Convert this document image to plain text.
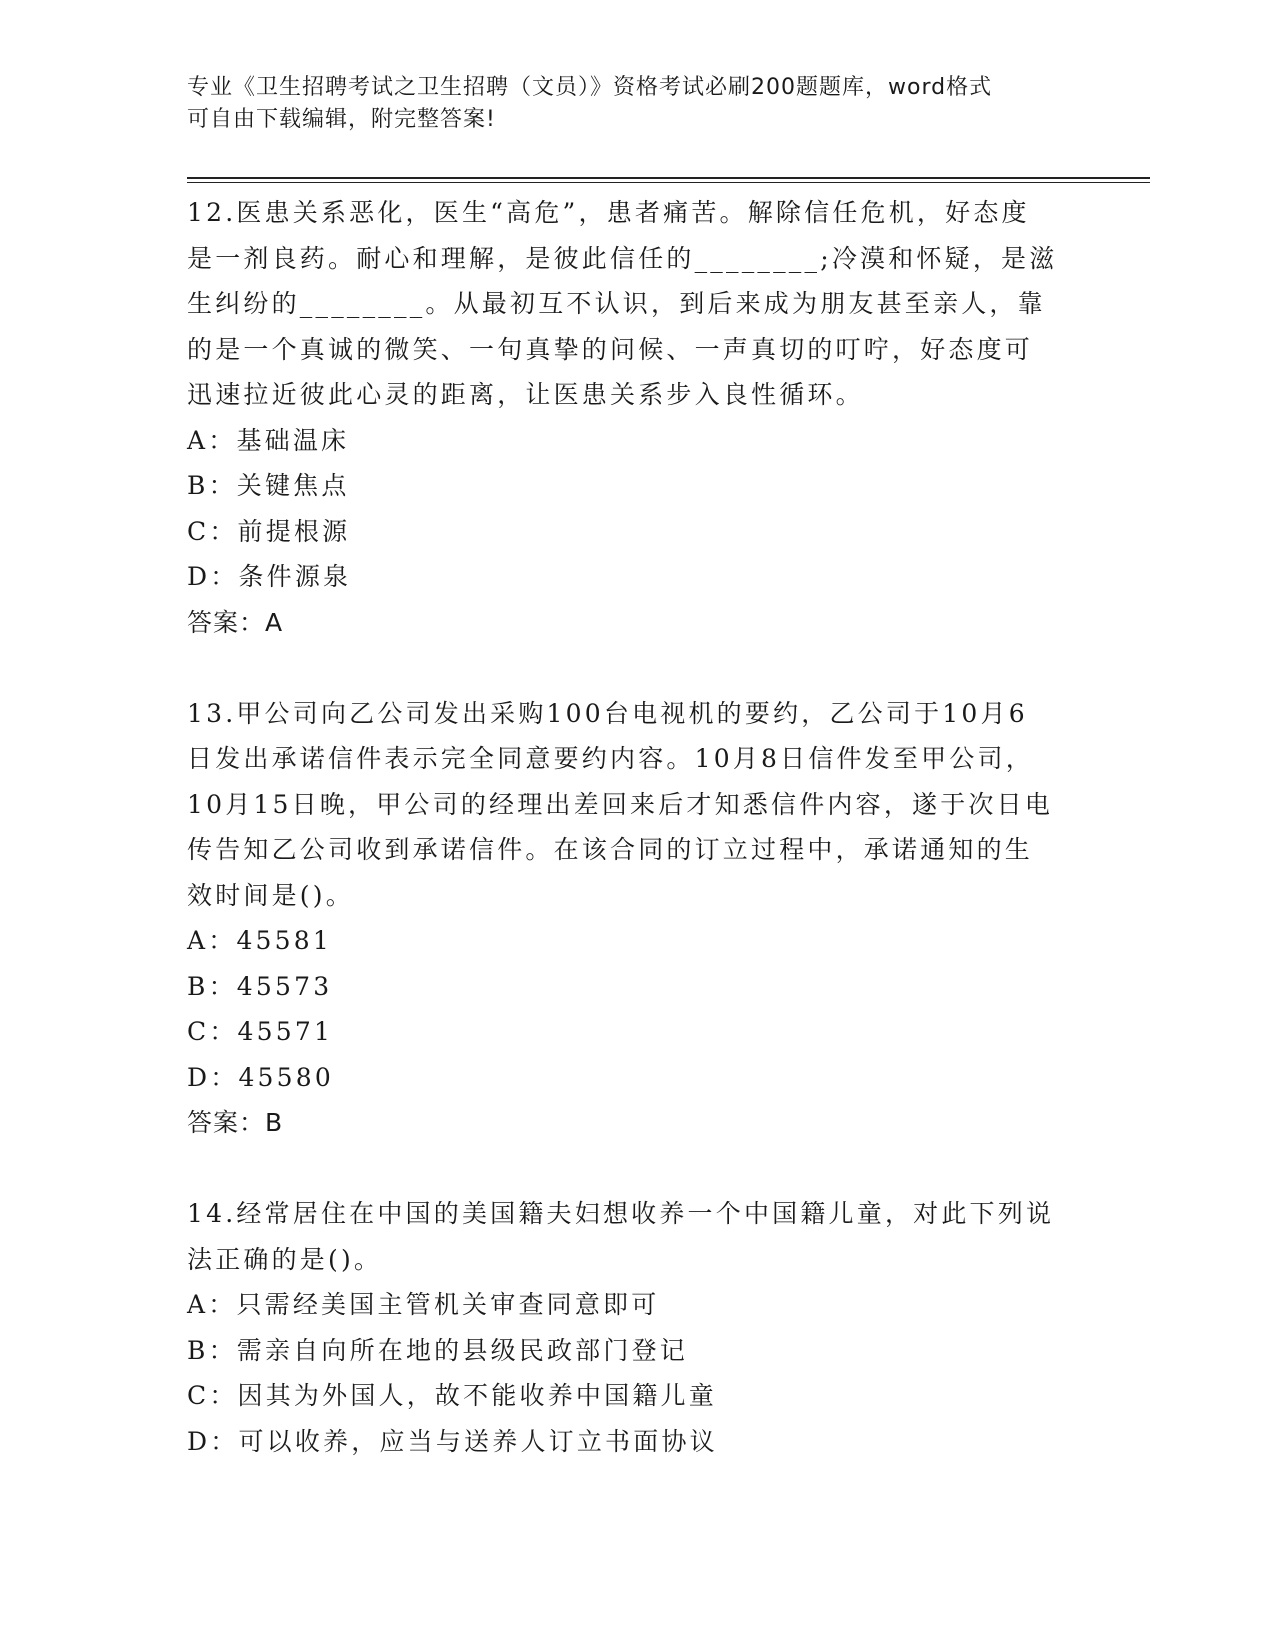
专业《卫生招聘考试之卫生招聘（文员）》资格考试必刷200题题库，word格式
可自由下载编辑，附完整答案!
12.医患关系恶化，医生“高危”，患者痛苦。解除信任危机，好态度
是一剂良药。耐心和理解，是彼此信任的________;冷漠和怀疑，是滋
生纠纷的________。从最初互不认识，到后来成为朋友甚至亲人，靠
的是一个真诚的微笑、一句真挚的问候、一声真切的叮咛，好态度可
迅速拉近彼此心灵的距离，让医患关系步入良性循环。
A：基础温床
B：关键焦点
C：前提根源
D：条件源泉
答案：A
13.甲公司向乙公司发出采购100台电视机的要约，乙公司于10月6
日发出承诺信件表示完全同意要约内容。10月8日信件发至甲公司，
10月15日晚，甲公司的经理出差回来后才知悉信件内容，遂于次日电
传告知乙公司收到承诺信件。在该合同的订立过程中，承诺通知的生
效时间是()。
A：45581
B：45573
C：45571
D：45580
答案：B
14.经常居住在中国的美国籍夫妇想收养一个中国籍儿童，对此下列说
法正确的是()。
A：只需经美国主管机关审查同意即可
B：需亲自向所在地的县级民政部门登记
C：因其为外国人，故不能收养中国籍儿童
D：可以收养，应当与送养人订立书面协议
